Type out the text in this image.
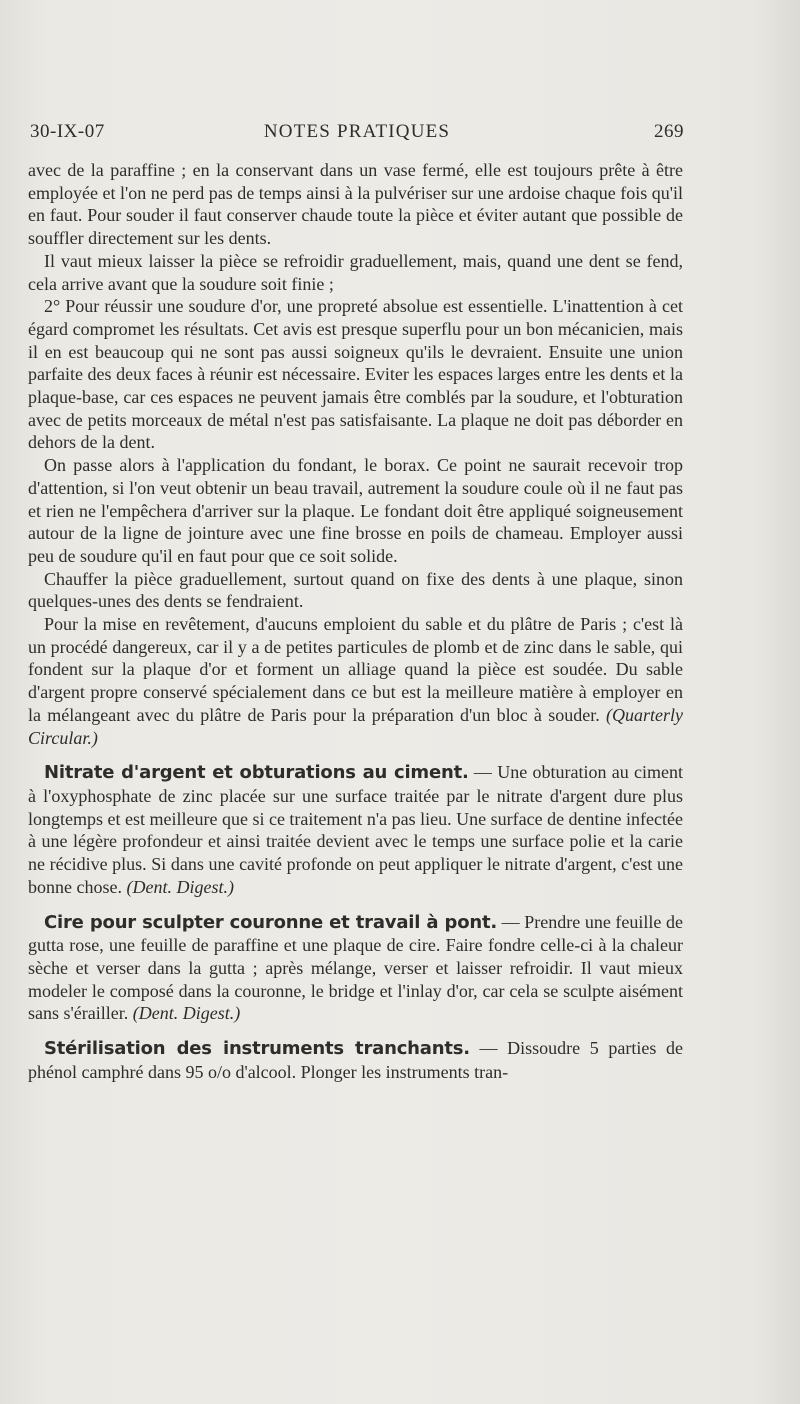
30-IX-07	NOTES PRATIQUES	269

avec de la paraffine ; en la conservant dans un vase fermé, elle est toujours prête à être employée et l'on ne perd pas de temps ainsi à la pulvériser sur une ardoise chaque fois qu'il en faut. Pour souder il faut conserver chaude toute la pièce et éviter autant que possible de souffler directement sur les dents.

Il vaut mieux laisser la pièce se refroidir graduellement, mais, quand une dent se fend, cela arrive avant que la soudure soit finie ;

2° Pour réussir une soudure d'or, une propreté absolue est essentielle. L'inattention à cet égard compromet les résultats. Cet avis est presque superflu pour un bon mécanicien, mais il en est beaucoup qui ne sont pas aussi soigneux qu'ils le devraient. Ensuite une union parfaite des deux faces à réunir est nécessaire. Eviter les espaces larges entre les dents et la plaque-base, car ces espaces ne peuvent jamais être comblés par la soudure, et l'obturation avec de petits morceaux de métal n'est pas satisfaisante. La plaque ne doit pas déborder en dehors de la dent.

On passe alors à l'application du fondant, le borax. Ce point ne saurait recevoir trop d'attention, si l'on veut obtenir un beau travail, autrement la soudure coule où il ne faut pas et rien ne l'empêchera d'arriver sur la plaque. Le fondant doit être appliqué soigneusement autour de la ligne de jointure avec une fine brosse en poils de chameau. Employer aussi peu de soudure qu'il en faut pour que ce soit solide.

Chauffer la pièce graduellement, surtout quand on fixe des dents à une plaque, sinon quelques-unes des dents se fendraient.

Pour la mise en revêtement, d'aucuns emploient du sable et du plâtre de Paris ; c'est là un procédé dangereux, car il y a de petites particules de plomb et de zinc dans le sable, qui fondent sur la plaque d'or et forment un alliage quand la pièce est soudée. Du sable d'argent propre conservé spécialement dans ce but est la meilleure matière à employer en la mélangeant avec du plâtre de Paris pour la préparation d'un bloc à souder. (Quarterly Circular.)

Nitrate d'argent et obturations au ciment. — Une obturation au ciment à l'oxyphosphate de zinc placée sur une surface traitée par le nitrate d'argent dure plus longtemps et est meilleure que si ce traitement n'a pas lieu. Une surface de dentine infectée à une légère profondeur et ainsi traitée devient avec le temps une surface polie et la carie ne récidive plus. Si dans une cavité profonde on peut appliquer le nitrate d'argent, c'est une bonne chose. (Dent. Digest.)

Cire pour sculpter couronne et travail à pont. — Prendre une feuille de gutta rose, une feuille de paraffine et une plaque de cire. Faire fondre celle-ci à la chaleur sèche et verser dans la gutta ; après mélange, verser et laisser refroidir. Il vaut mieux modeler le composé dans la couronne, le bridge et l'inlay d'or, car cela se sculpte aisément sans s'érailler. (Dent. Digest.)

Stérilisation des instruments tranchants. — Dissoudre 5 parties de phénol camphré dans 95 o/o d'alcool. Plonger les instruments tran-
